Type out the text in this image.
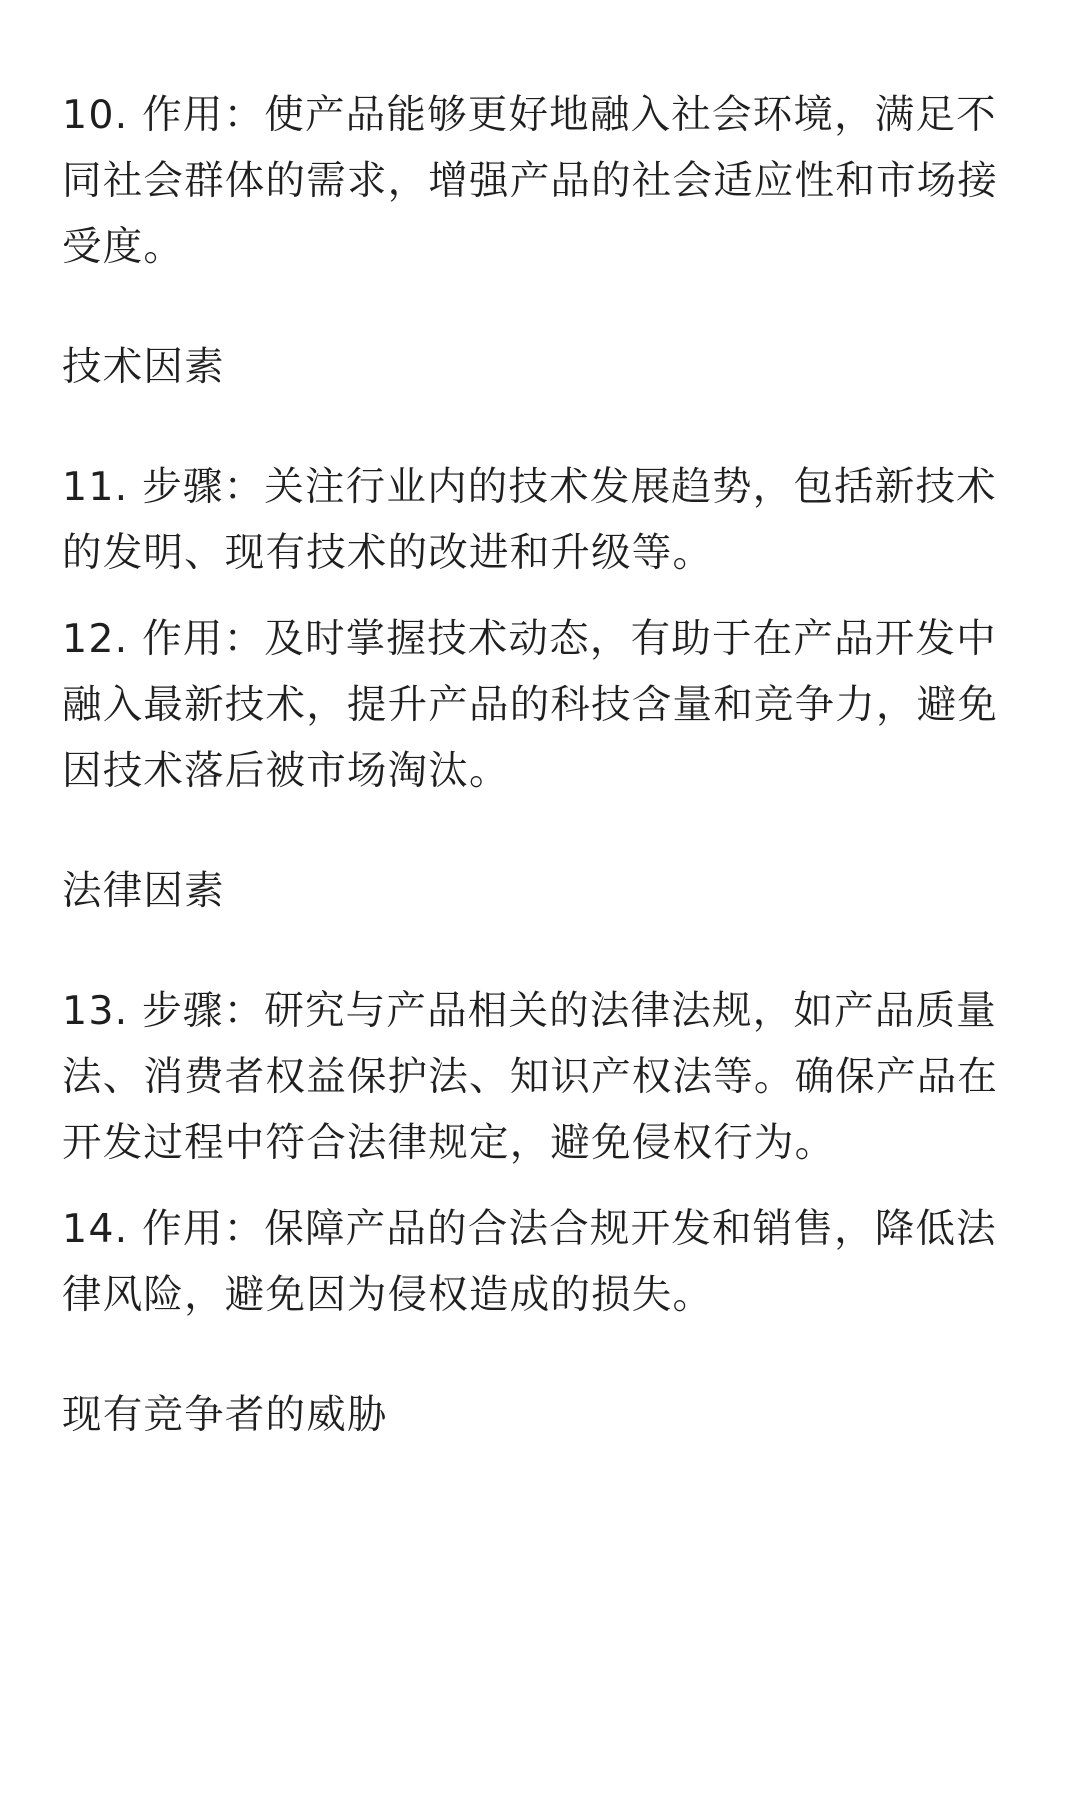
10. 作用：使产品能够更好地融入社会环境，满足不同社会群体的需求，增强产品的社会适应性和市场接受度。

技术因素

11. 步骤：关注行业内的技术发展趋势，包括新技术的发明、现有技术的改进和升级等。

12. 作用：及时掌握技术动态，有助于在产品开发中融入最新技术，提升产品的科技含量和竞争力，避免因技术落后被市场淘汰。

法律因素

13. 步骤：研究与产品相关的法律法规，如产品质量法、消费者权益保护法、知识产权法等。确保产品在开发过程中符合法律规定，避免侵权行为。

14. 作用：保障产品的合法合规开发和销售，降低法律风险，避免因为侵权造成的损失。

现有竞争者的威胁
